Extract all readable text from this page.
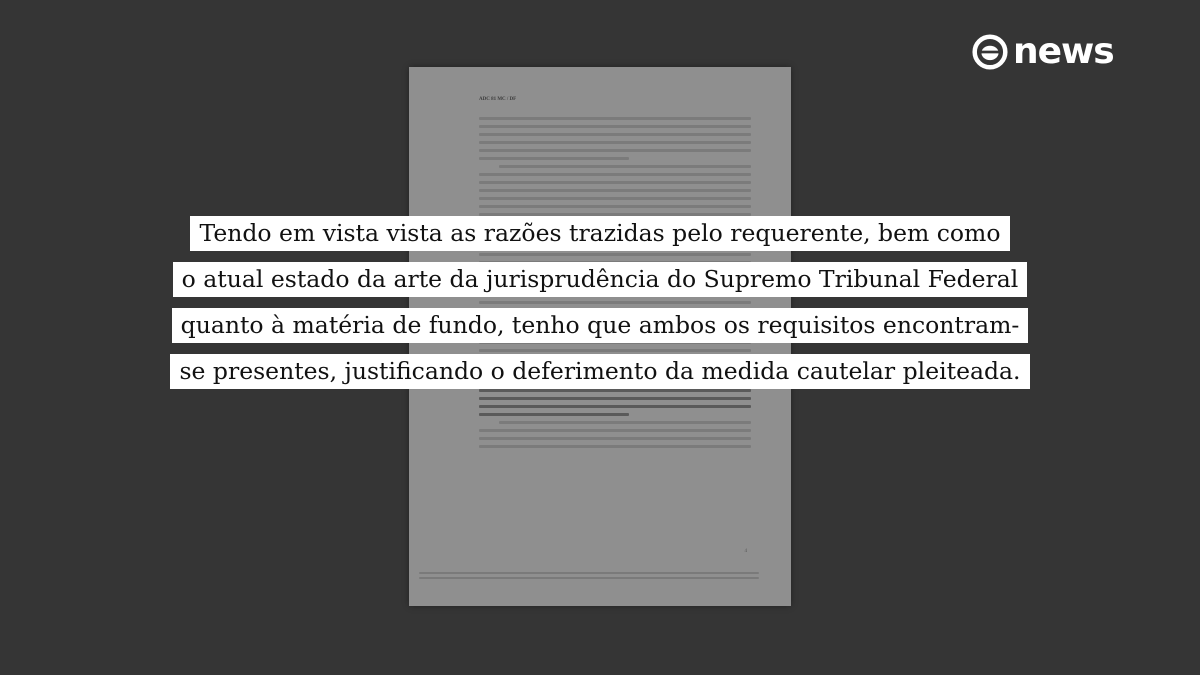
ADC 81 MC / DF
4
news
Tendo em vista vista as razões trazidas pelo requerente, bem como
o atual estado da arte da jurisprudência do Supremo Tribunal Federal
quanto à matéria de fundo, tenho que ambos os requisitos encontram-
se presentes, justificando o deferimento da medida cautelar pleiteada.
